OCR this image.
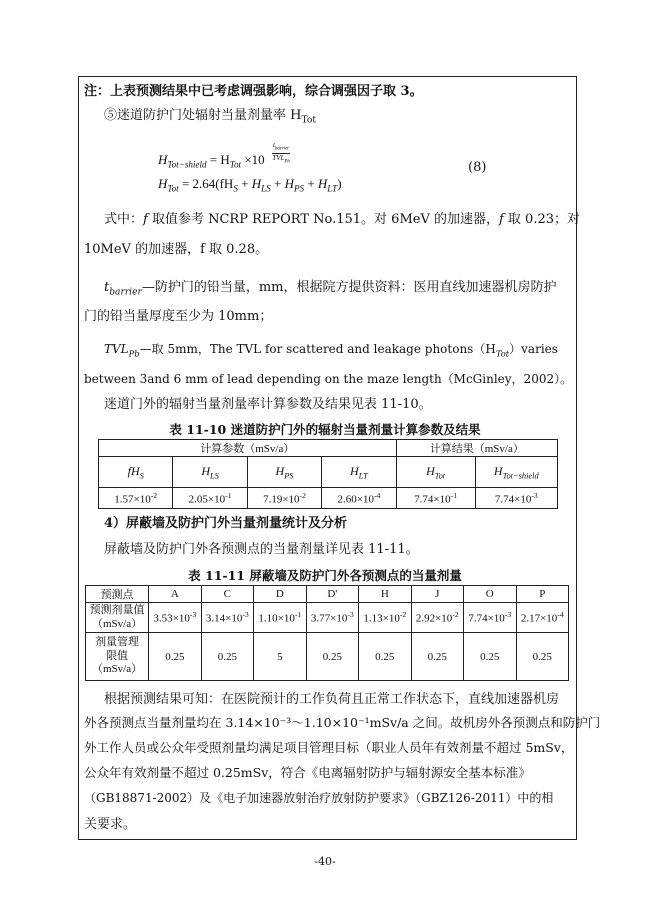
注：上表预测结果中已考虑调强影响，综合调强因子取 3。
⑤迷道防护门处辐射当量剂量率 $H_{Tot}$
$H_{Tot-shield} = H_{Tot} \times 10$
$t_{barrier}$
$TVL_{Pb}$
$H_{Tot} = 2.64(fH_S + H_{LS} + H_{PS} + H_{LT})$
(8)
式中：f 取值参考 NCRP REPORT No.151。对 6MeV 的加速器，f 取 0.23；对
10MeV 的加速器，f 取 0.28。
$t_{barrier}—$防护门的铅当量，mm，根据院方提供资料：医用直线加速器机房防护
门的铅当量厚度至少为 10mm；
$TVL_{Pb}—$取 5mm，The TVL for scattered and leakage $photons(H_{Tot})varies$
between 3and 6 mm of lead depending on the maze length（McGinley，2002）。
迷道门外的辐射当量剂量率计算参数及结果见表 11-10。
表 11-10 迷道防护门外的辐射当量剂量计算参数及结果
计算参数（mSv/a）				计算结果（mSv/a）	
$fH_S$	$H_{LS}$	$H_{PS}$	$H_{LT}$	$H_{Tot}$	$H_{Tot-shield}$
$1.57\times 10^{-2}$	$2.05\times 10^{-1}$	$7.19\times 10^{-2}$	$2.60\times 10^{-4}$	$7.74\times 10^{-1}$	$7.74\times 10^{-3}$
4）屏蔽墙及防护门外当量剂量统计及分析
屏蔽墙及防护门外各预测点的当量剂量详见表 11-11。
表 11-11 屏蔽墙及防护门外各预测点的当量剂量
预测点	A	C	D	D'	H	J	O	P
预测剂量值（mSv/a）	$3.53\times 10^{-3}$	$3.14\times 10^{-3}$	$1.10\times 10^{-1}$	$3.77\times 10^{-3}$	$1.13\times 10^{-2}$	$2.92\times 10^{-2}$	$7.74\times 10^{-3}$	$2.17\times 10^{-4}$
剂量管理限值（mSv/a）	0.25	0.25	5	0.25	0.25	0.25	0.25	0.25
根据预测结果可知：在医院预计的工作负荷且正常工作状态下，直线加速器机房
外各预测点当量剂量均在 3.14×10⁻³～1.10×10⁻¹mSv/a 之间。故机房外各预测点和防护门
外工作人员或公众年受照剂量均满足项目管理目标（职业人员年有效剂量不超过 5mSv，
公众年有效剂量不超过 0.25mSv，符合《电离辐射防护与辐射源安全基本标准》
（GB18871-2002）及《电子加速器放射治疗放射防护要求》（GBZ126-2011）中的相
关要求。
-40-
